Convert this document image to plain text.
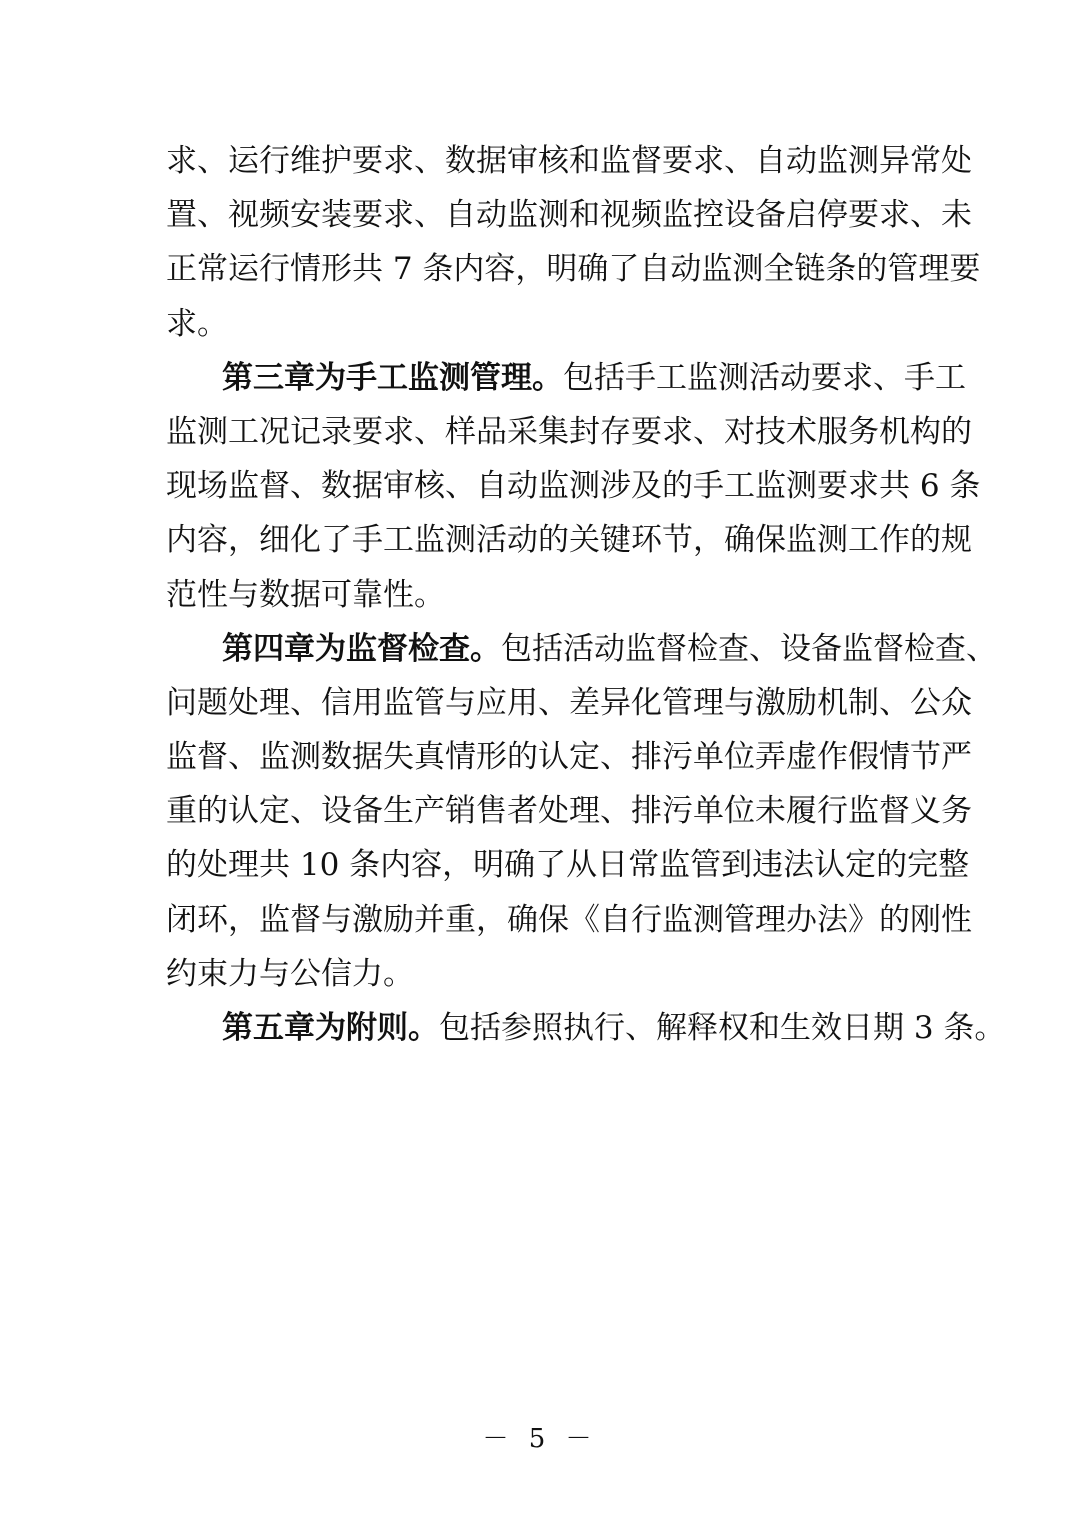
求、运行维护要求、数据审核和监督要求、自动监测异常处
置、视频安装要求、自动监测和视频监控设备启停要求、未
正常运行情形共 7 条内容，明确了自动监测全链条的管理要
求。
第三章为手工监测管理。包括手工监测活动要求、手工
监测工况记录要求、样品采集封存要求、对技术服务机构的
现场监督、数据审核、自动监测涉及的手工监测要求共 6 条
内容，细化了手工监测活动的关键环节，确保监测工作的规
范性与数据可靠性。
第四章为监督检查。包括活动监督检查、设备监督检查、
问题处理、信用监管与应用、差异化管理与激励机制、公众
监督、监测数据失真情形的认定、排污单位弄虚作假情节严
重的认定、设备生产销售者处理、排污单位未履行监督义务
的处理共 10 条内容，明确了从日常监管到违法认定的完整
闭环，监督与激励并重，确保《自行监测管理办法》的刚性
约束力与公信力。
第五章为附则。包括参照执行、解释权和生效日期 3 条。
－ 5 －
